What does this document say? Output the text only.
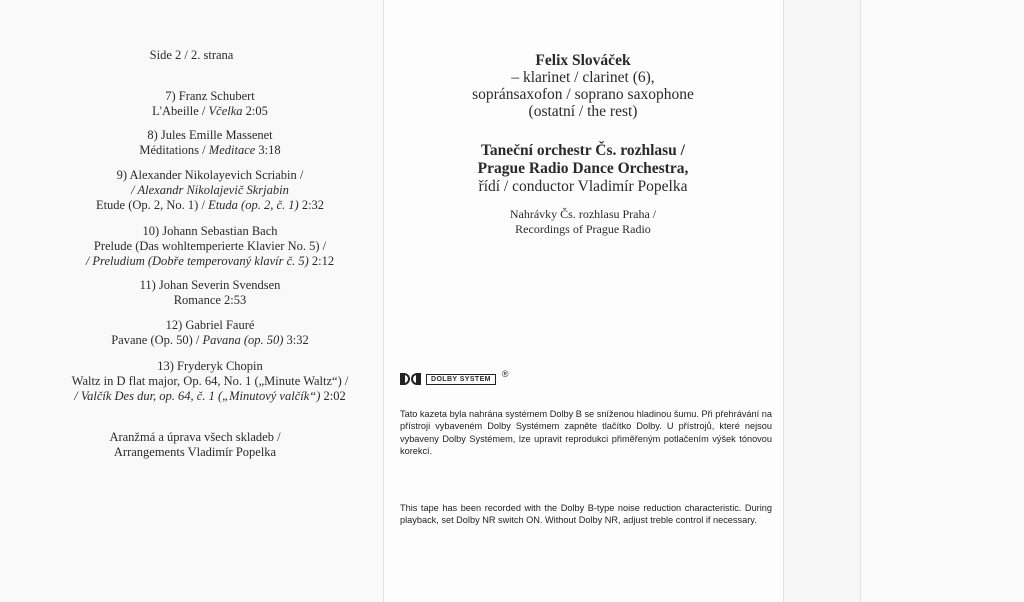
Side 2 / 2. strana
7) Franz Schubert
L'Abeille / Včelka 2:05
8) Jules Emille Massenet
Méditations / Meditace 3:18
9) Alexander Nikolayevich Scriabin /
/ Alexandr Nikolajevič Skrjabin
Etude (Op. 2, No. 1) / Etuda (op. 2, č. 1) 2:32
10) Johann Sebastian Bach
Prelude (Das wohltemperierte Klavier No. 5) /
/ Preludium (Dobře temperovaný klavír č. 5) 2:12
11) Johan Severin Svendsen
Romance 2:53
12) Gabriel Fauré
Pavane (Op. 50) / Pavana (op. 50) 3:32
13) Fryderyk Chopin
Waltz in D flat major, Op. 64, No. 1 („Minute Waltz“) /
/ Valčík Des dur, op. 64, č. 1 („Minutový valčík“) 2:02
Aranžmá a úprava všech skladeb /
Arrangements Vladimír Popelka
Felix Slováček
– klarinet / clarinet (6),
sopránsaxofon / soprano saxophone
(ostatní / the rest)
Taneční orchestr Čs. rozhlasu /
Prague Radio Dance Orchestra,
řídí / conductor Vladimír Popelka
Nahrávky Čs. rozhlasu Praha /
Recordings of Prague Radio
DOLBY SYSTEM	®
Tato kazeta byla nahrána systémem Dolby B se sníženou hladinou šumu. Při přehrávání na přístroji vybaveném Dolby Systémem zapněte tlačítko Dolby. U přístrojů, které nejsou vybaveny Dolby Systémem, lze upravit reprodukci přiměřeným potlačením výšek tónovou korekcí.
This tape has been recorded with the Dolby B-type noise reduction characteristic. During playback, set Dolby NR switch ON. Without Dolby NR, adjust treble control if necessary.
